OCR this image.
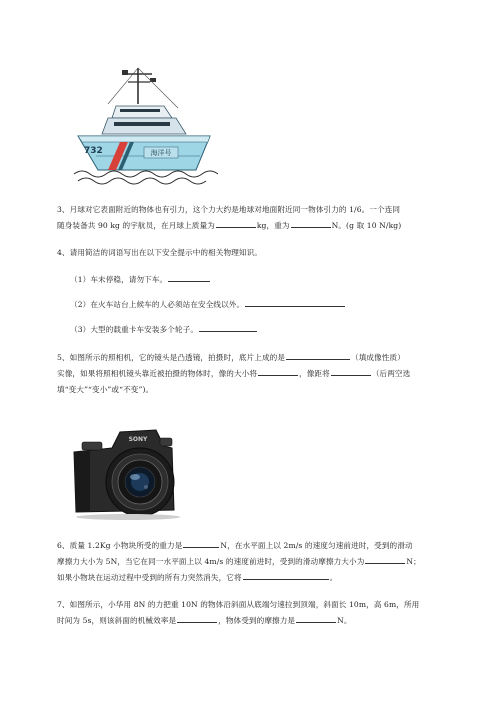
732	海洋号
3、月球对它表面附近的物体也有引力，这个力大约是地球对地面附近同一物体引力的 1/6。一个连同
随身装备共 90 kg 的宇航员，在月球上质量为	kg，重为	N。(g 取 10 N/kg)
4、请用简洁的词语写出在以下安全提示中的相关物理知识。
（1）车未停稳，请勿下车。
（2）在火车站台上候车的人必须站在安全线以外。
（3）大型的载重卡车安装多个轮子。
5、如图所示的照相机，它的镜头是凸透镜，拍摄时，底片上成的是	（填成像性质）
实像，如果将照相机镜头靠近被拍摄的物体时，像的大小将	，像距将	（后两空选
填“变大”“变小”或“不变”)。
SONY
6、质量 1.2Kg 小物块所受的重力是	N，在水平面上以 2m/s 的速度匀速前进时，受到的滑动
摩擦力大小为 5N，当它在同一水平面上以 4m/s 的速度前进时，受到的滑动摩擦力大小为	N；
如果小物块在运动过程中受到的所有力突然消失，它将	。
7、如图所示，小华用 8N 的力把重 10N 的物体沿斜面从底端匀速拉到顶端，斜面长 10m，高 6m，所用
时间为 5s，则该斜面的机械效率是	，物体受到的摩擦力是	N。
